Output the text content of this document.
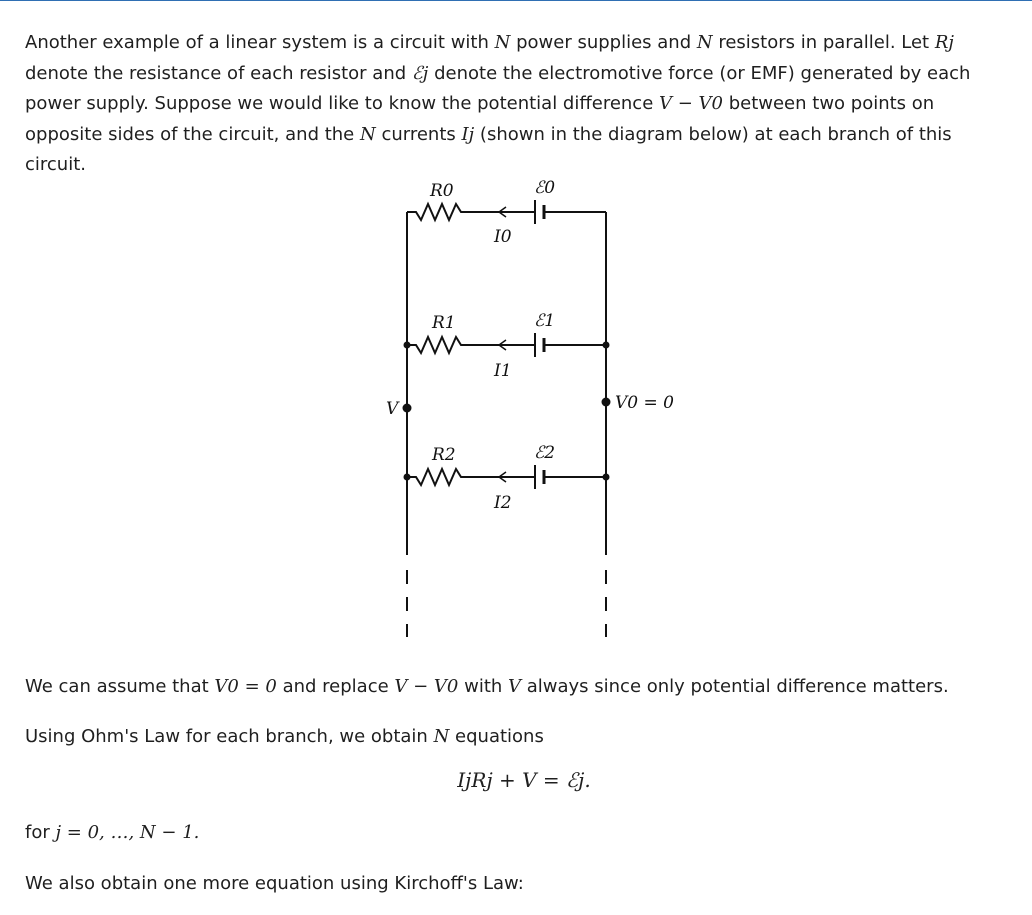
Another example of a linear system is a circuit with N power supplies and N resistors in parallel. Let Rj denote the resistance of each resistor and ℰj denote the electromotive force (or EMF) generated by each power supply. Suppose we would like to know the potential difference V − V0 between two points on opposite sides of the circuit, and the N currents Ij (shown in the diagram below) at each branch of this circuit.

R0	ℰ0
I0
R1	ℰ1
I1
R2	ℰ2
I2
V	V0 = 0

We can assume that V0 = 0 and replace V − V0 with V always since only potential difference matters.

Using Ohm's Law for each branch, we obtain N equations

IjRj + V = ℰj.

for j = 0, …, N − 1.

We also obtain one more equation using Kirchoff's Law:
